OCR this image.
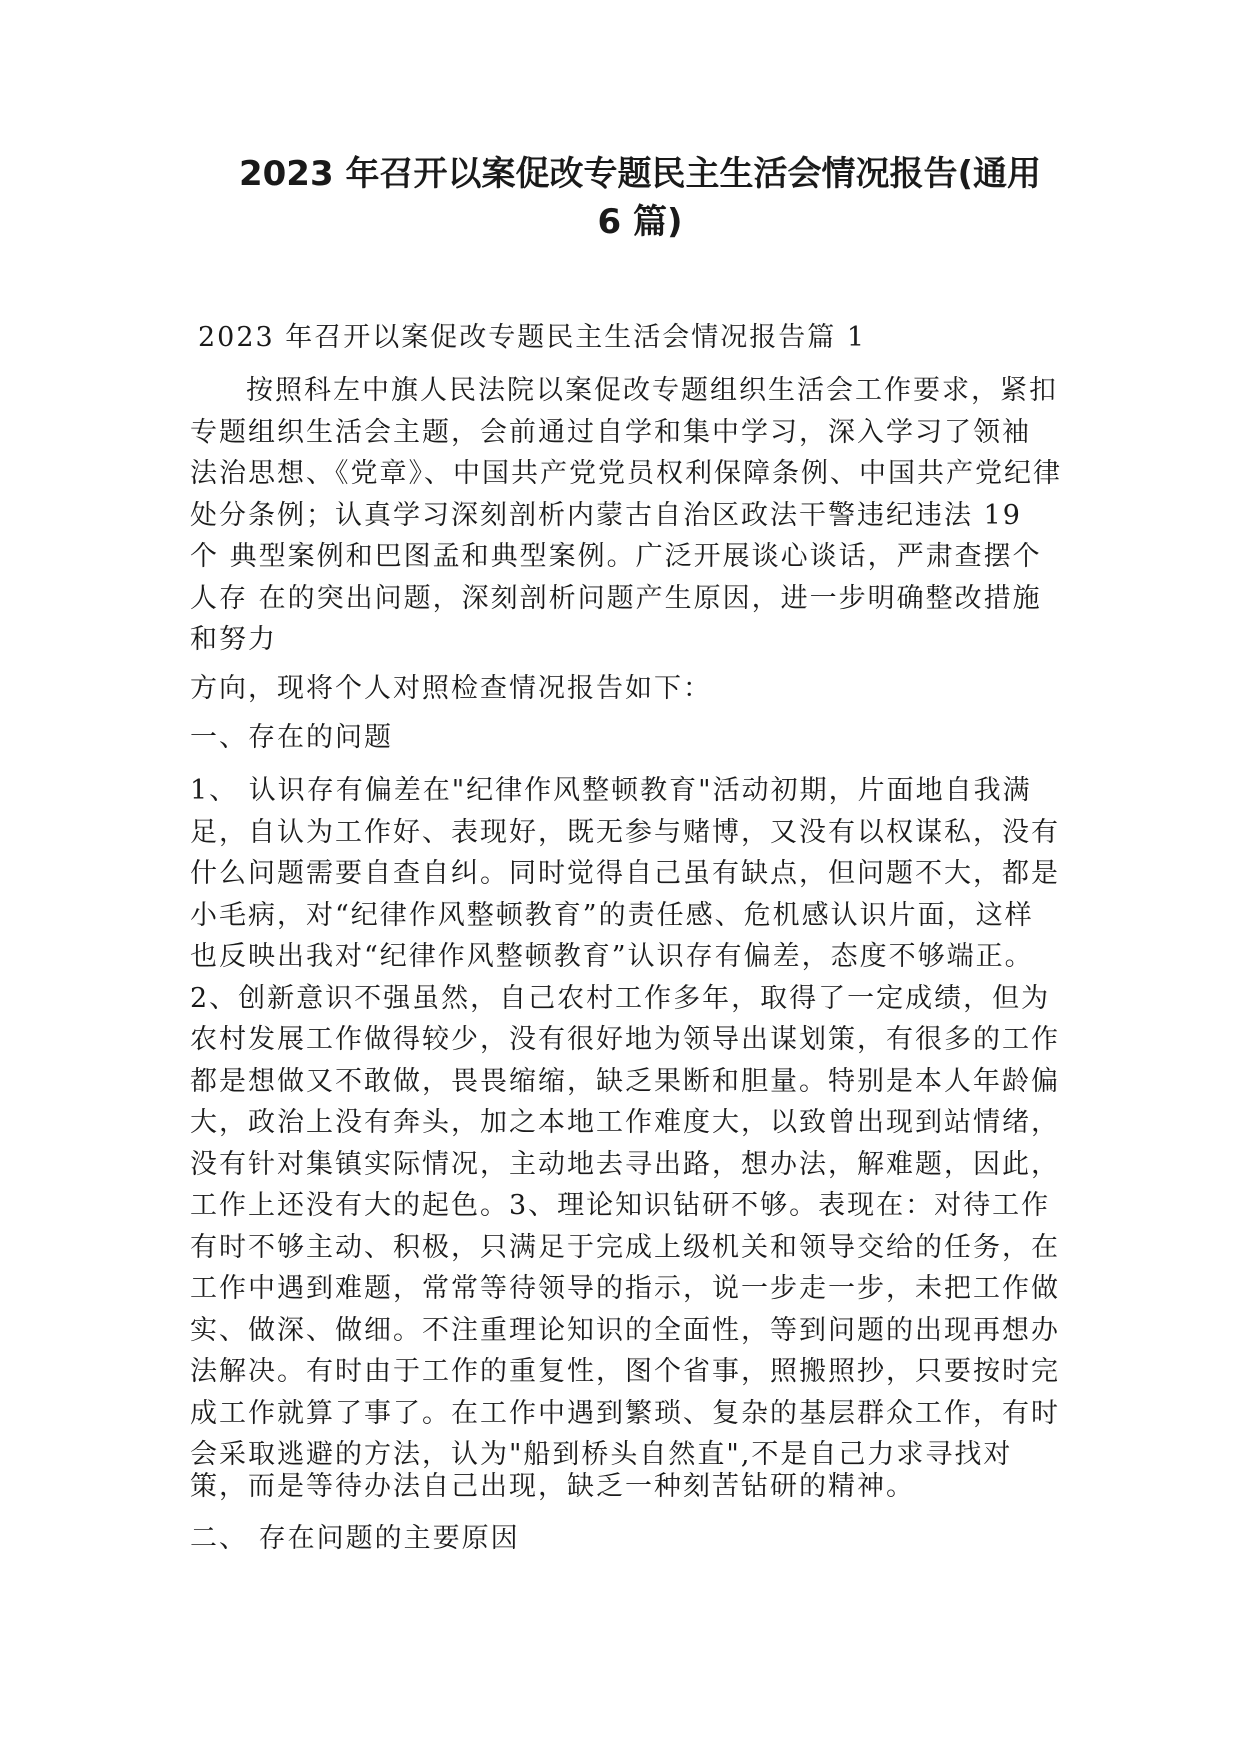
2023 年召开以案促改专题民主生活会情况报告(通用
6 篇)

2023 年召开以案促改专题民主生活会情况报告篇 1

按照科左中旗人民法院以案促改专题组织生活会工作要求，紧扣
专题组织生活会主题，会前通过自学和集中学习，深入学习了领袖
法治思想、《党章》、中国共产党党员权利保障条例、中国共产党纪律
处分条例；认真学习深刻剖析内蒙古自治区政法干警违纪违法 19
个 典型案例和巴图孟和典型案例。广泛开展谈心谈话，严肃查摆个
人存 在的突出问题，深刻剖析问题产生原因，进一步明确整改措施
和努力

方向，现将个人对照检查情况报告如下：

一、存在的问题

1、 认识存有偏差在"纪律作风整顿教育"活动初期，片面地自我满
足，自认为工作好、表现好，既无参与赌博，又没有以权谋私，没有
什么问题需要自查自纠。同时觉得自己虽有缺点，但问题不大，都是
小毛病，对“纪律作风整顿教育”的责任感、危机感认识片面，这样
也反映出我对“纪律作风整顿教育”认识存有偏差，态度不够端正。
2、创新意识不强虽然，自己农村工作多年，取得了一定成绩，但为
农村发展工作做得较少，没有很好地为领导出谋划策，有很多的工作
都是想做又不敢做，畏畏缩缩，缺乏果断和胆量。特别是本人年龄偏
大，政治上没有奔头，加之本地工作难度大，以致曾出现到站情绪，
没有针对集镇实际情况，主动地去寻出路，想办法，解难题，因此，
工作上还没有大的起色。3、理论知识钻研不够。表现在：对待工作
有时不够主动、积极，只满足于完成上级机关和领导交给的任务，在
工作中遇到难题，常常等待领导的指示，说一步走一步，未把工作做
实、做深、做细。不注重理论知识的全面性，等到问题的出现再想办
法解决。有时由于工作的重复性，图个省事，照搬照抄，只要按时完
成工作就算了事了。在工作中遇到繁琐、复杂的基层群众工作，有时
会采取逃避的方法，认为"船到桥头自然直",不是自己力求寻找对

策，而是等待办法自己出现，缺乏一种刻苦钻研的精神。

二、 存在问题的主要原因
